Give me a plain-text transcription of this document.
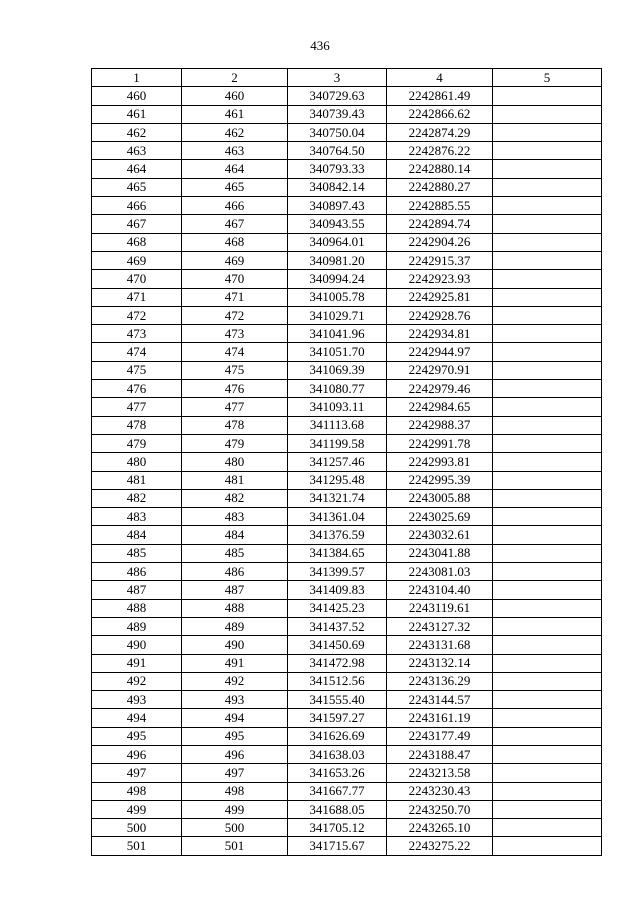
436
1	2	3	4	5
460	460	340729.63	2242861.49	
461	461	340739.43	2242866.62	
462	462	340750.04	2242874.29	
463	463	340764.50	2242876.22	
464	464	340793.33	2242880.14	
465	465	340842.14	2242880.27	
466	466	340897.43	2242885.55	
467	467	340943.55	2242894.74	
468	468	340964.01	2242904.26	
469	469	340981.20	2242915.37	
470	470	340994.24	2242923.93	
471	471	341005.78	2242925.81	
472	472	341029.71	2242928.76	
473	473	341041.96	2242934.81	
474	474	341051.70	2242944.97	
475	475	341069.39	2242970.91	
476	476	341080.77	2242979.46	
477	477	341093.11	2242984.65	
478	478	341113.68	2242988.37	
479	479	341199.58	2242991.78	
480	480	341257.46	2242993.81	
481	481	341295.48	2242995.39	
482	482	341321.74	2243005.88	
483	483	341361.04	2243025.69	
484	484	341376.59	2243032.61	
485	485	341384.65	2243041.88	
486	486	341399.57	2243081.03	
487	487	341409.83	2243104.40	
488	488	341425.23	2243119.61	
489	489	341437.52	2243127.32	
490	490	341450.69	2243131.68	
491	491	341472.98	2243132.14	
492	492	341512.56	2243136.29	
493	493	341555.40	2243144.57	
494	494	341597.27	2243161.19	
495	495	341626.69	2243177.49	
496	496	341638.03	2243188.47	
497	497	341653.26	2243213.58	
498	498	341667.77	2243230.43	
499	499	341688.05	2243250.70	
500	500	341705.12	2243265.10	
501	501	341715.67	2243275.22	
